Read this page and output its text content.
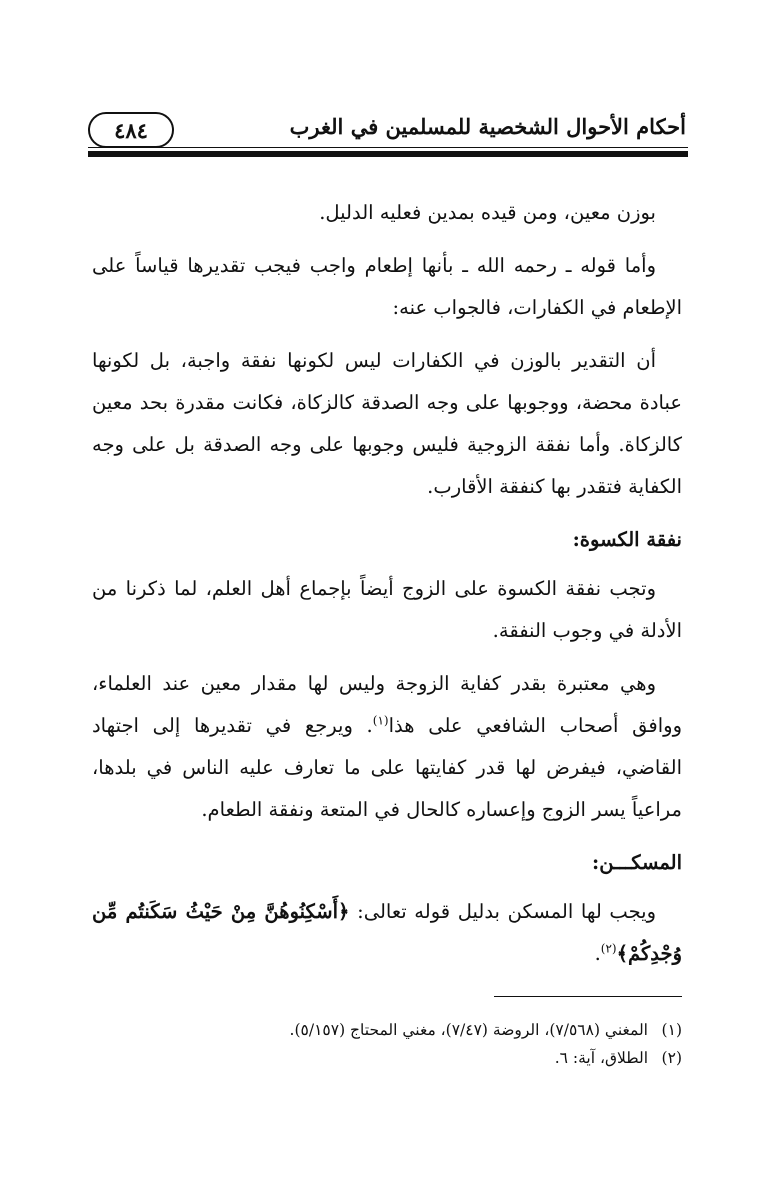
٤٨٤	أحكام الأحوال الشخصية للمسلمين في الغرب

بوزن معين، ومن قيده بمدين فعليه الدليل.

وأما قوله ـ رحمه الله ـ بأنها إطعام واجب فيجب تقديرها قياساً على الإطعام في الكفارات، فالجواب عنه:

أن التقدير بالوزن في الكفارات ليس لكونها نفقة واجبة، بل لكونها عبادة محضة، ووجوبها على وجه الصدقة كالزكاة، فكانت مقدرة بحد معين كالزكاة. وأما نفقة الزوجية فليس وجوبها على وجه الصدقة بل على وجه الكفاية فتقدر بها كنفقة الأقارب.

نفقة الكسوة:

وتجب نفقة الكسوة على الزوج أيضاً بإجماع أهل العلم، لما ذكرنا من الأدلة في وجوب النفقة.

وهي معتبرة بقدر كفاية الزوجة وليس لها مقدار معين عند العلماء، ووافق أصحاب الشافعي على هذا$^{(١)}$. ويرجع في تقديرها إلى اجتهاد القاضي، فيفرض لها قدر كفايتها على ما تعارف عليه الناس في بلدها، مراعياً يسر الزوج وإعساره كالحال في المتعة ونفقة الطعام.

المسكـــن:

ويجب لها المسكن بدليل قوله تعالى: ﴿أَسْكِنُوهُنَّ مِنْ حَيْثُ سَكَنتُم مِّن وُجْدِكُمْ﴾$^{(٢)}$.

(١)المغني (٧/٥٦٨)، الروضة (٧/٤٧)، مغني المحتاج (٥/١٥٧).
(٢)الطلاق، آية: ٦.
